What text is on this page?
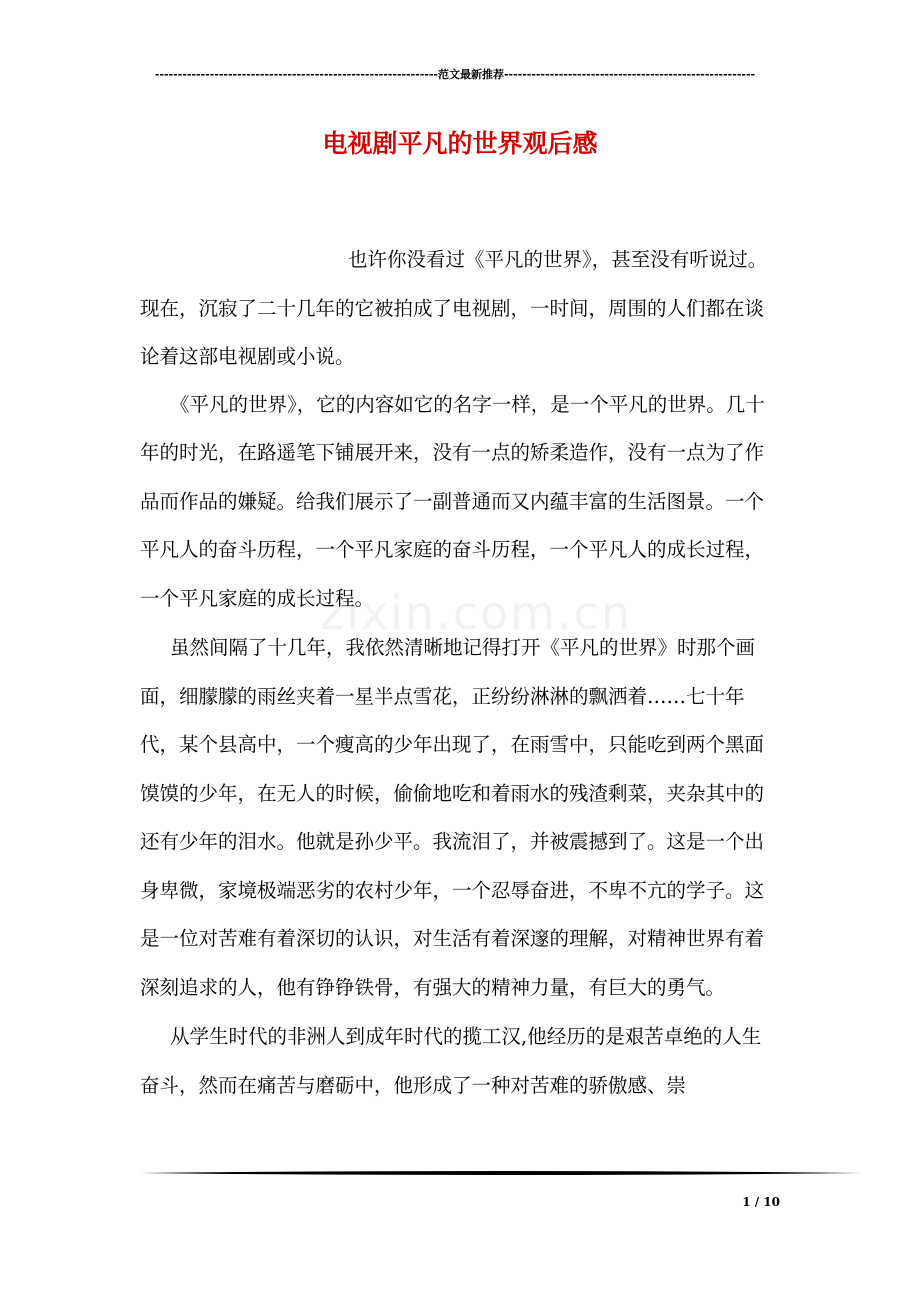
--------------------------------------------------------------范文最新推荐-------------------------------------------------------
电视剧平凡的世界观后感
zixin.com.cn

也许你没看过《平凡的世界》，甚至没有听说过。现在，沉寂了二十几年的它被拍成了电视剧，一时间，周围的人们都在谈论着这部电视剧或小说。

《平凡的世界》，它的内容如它的名字一样，是一个平凡的世界。几十年的时光，在路遥笔下铺展开来，没有一点的矫柔造作，没有一点为了作品而作品的嫌疑。给我们展示了一副普通而又内蕴丰富的生活图景。一个平凡人的奋斗历程，一个平凡家庭的奋斗历程，一个平凡人的成长过程，一个平凡家庭的成长过程。

虽然间隔了十几年，我依然清晰地记得打开《平凡的世界》时那个画面，细朦朦的雨丝夹着一星半点雪花，正纷纷淋淋的飘洒着……七十年代，某个县高中，一个瘦高的少年出现了，在雨雪中，只能吃到两个黑面馍馍的少年，在无人的时候，偷偷地吃和着雨水的残渣剩菜，夹杂其中的还有少年的泪水。他就是孙少平。我流泪了，并被震撼到了。这是一个出身卑微，家境极端恶劣的农村少年，一个忍辱奋进，不卑不亢的学子。这是一位对苦难有着深切的认识，对生活有着深邃的理解，对精神世界有着深刻追求的人，他有铮铮铁骨，有强大的精神力量，有巨大的勇气。

从学生时代的非洲人到成年时代的揽工汉,他经历的是艰苦卓绝的人生奋斗，然而在痛苦与磨砺中，他形成了一种对苦难的骄傲感、崇

1 / 10
